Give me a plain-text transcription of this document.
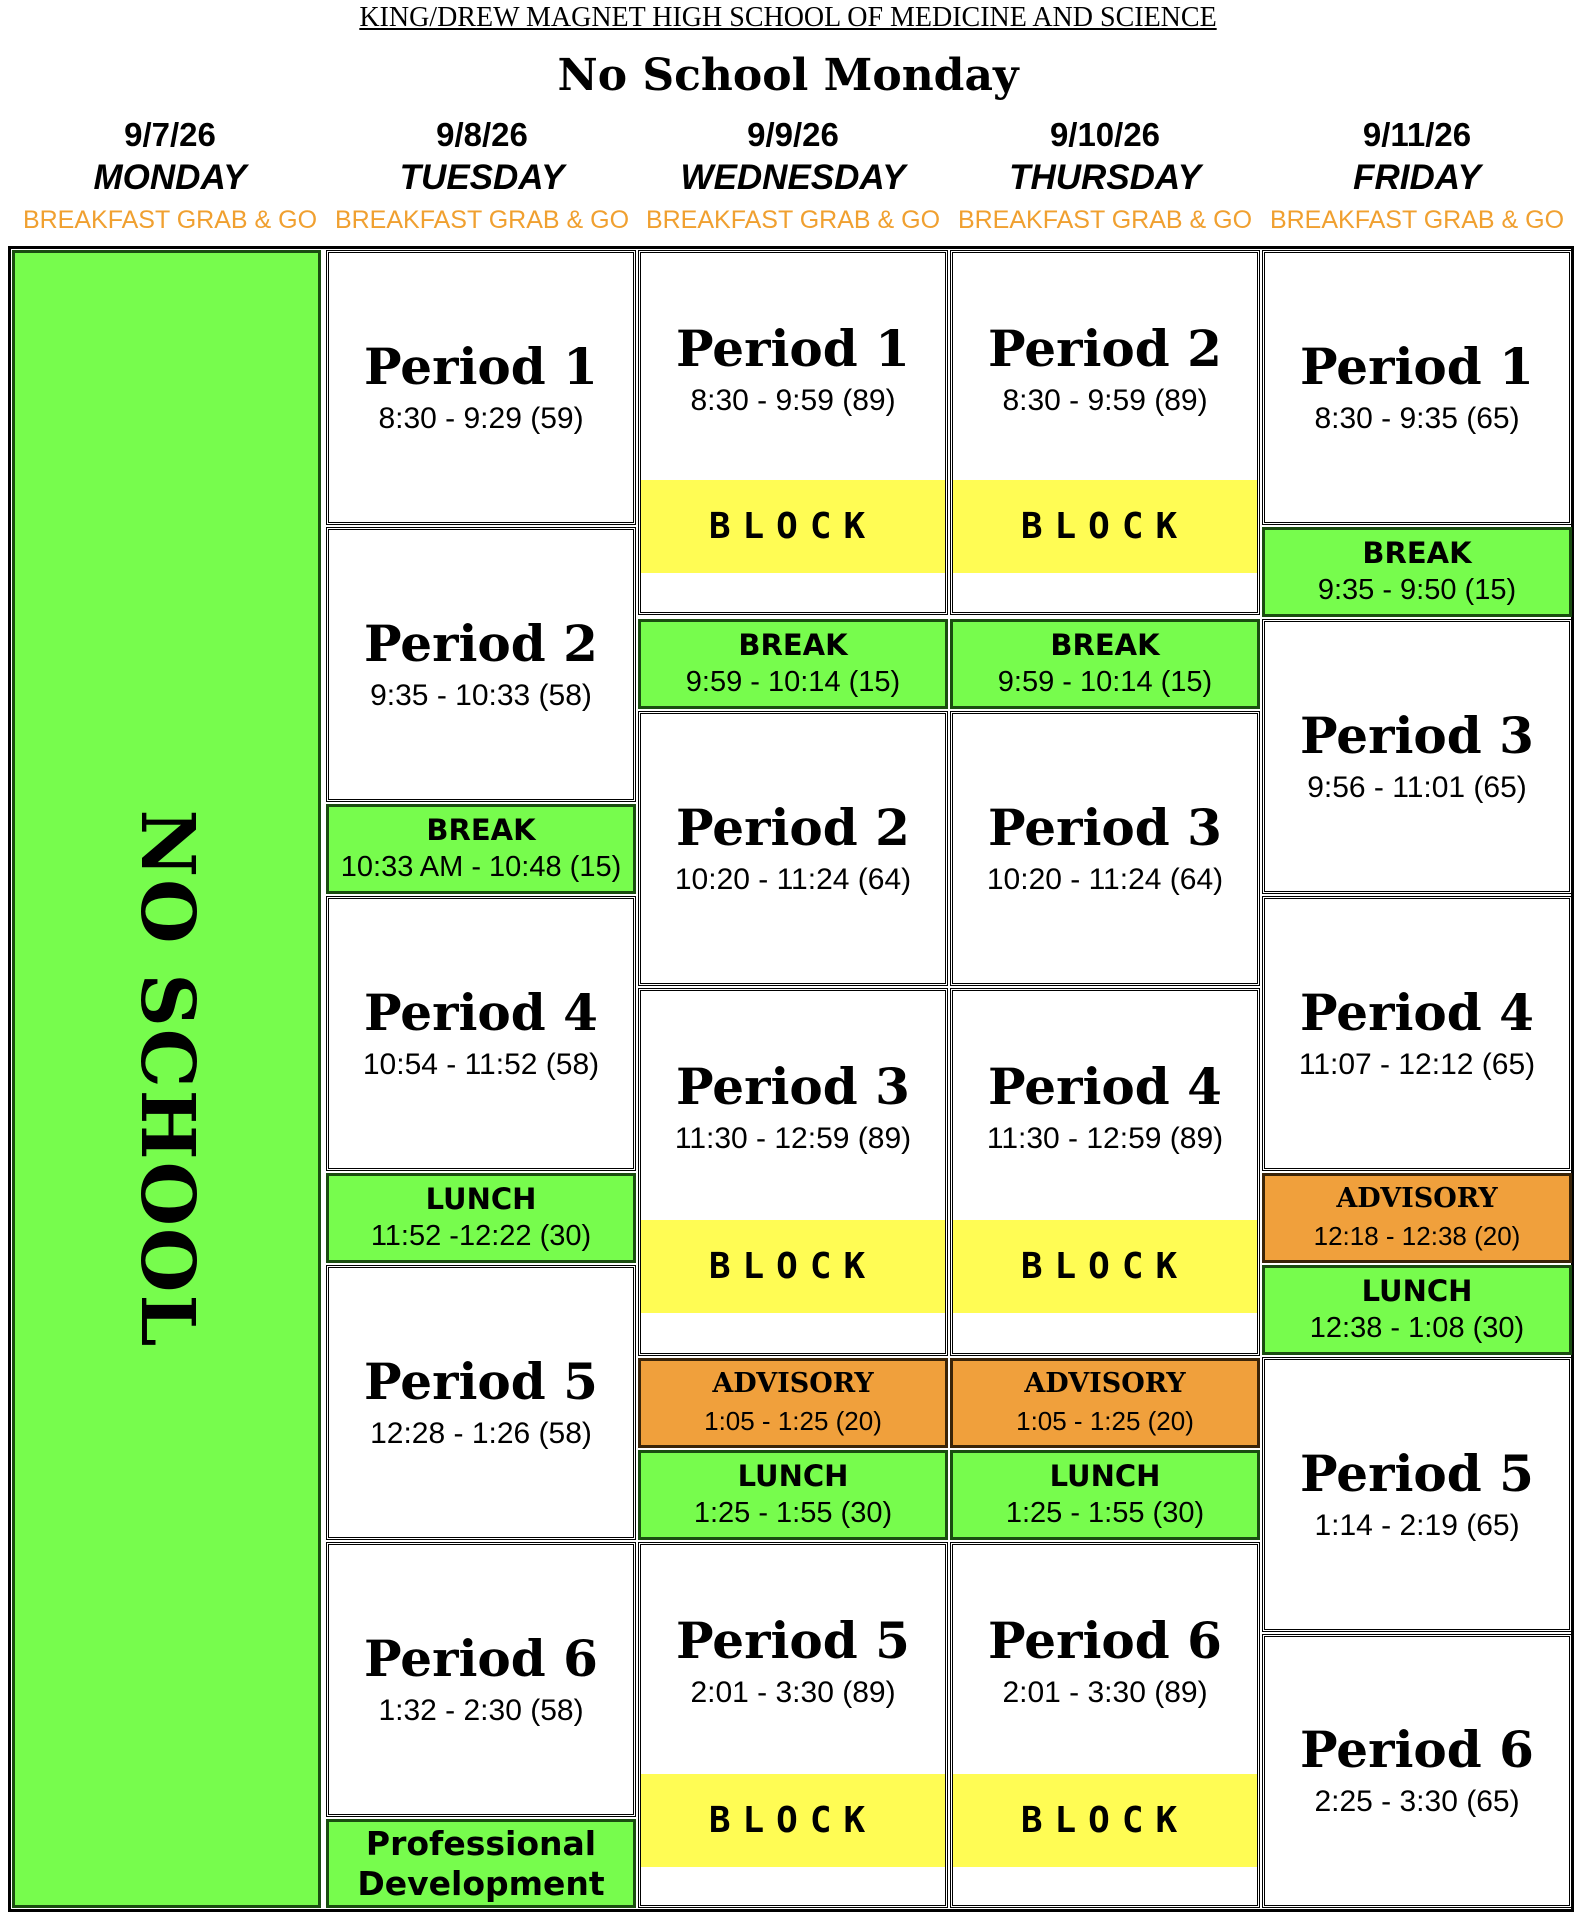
KING/DREW MAGNET HIGH SCHOOL OF MEDICINE AND SCIENCE
No School Monday
9/7/26
MONDAY
BREAKFAST GRAB & GO
9/8/26
TUESDAY
BREAKFAST GRAB & GO
9/9/26
WEDNESDAY
BREAKFAST GRAB & GO
9/10/26
THURSDAY
BREAKFAST GRAB & GO
9/11/26
FRIDAY
BREAKFAST GRAB & GO
NO SCHOOL
Period 1
8:30 - 9:29 (59)
Period 2
9:35 - 10:33 (58)
BREAK
10:33 AM - 10:48 (15)
Period 4
10:54 - 11:52 (58)
LUNCH
11:52 -12:22 (30)
Period 5
12:28 - 1:26 (58)
Period 6
1:32 - 2:30 (58)
Professional
Development
Period 1
8:30 - 9:59 (89)
BLOCK
BREAK
9:59 - 10:14 (15)
Period 2
10:20 - 11:24 (64)
Period 3
11:30 - 12:59 (89)
BLOCK
ADVISORY
1:05 - 1:25 (20)
LUNCH
1:25 - 1:55 (30)
Period 5
2:01 - 3:30 (89)
BLOCK
Period 2
8:30 - 9:59 (89)
BLOCK
BREAK
9:59 - 10:14 (15)
Period 3
10:20 - 11:24 (64)
Period 4
11:30 - 12:59 (89)
BLOCK
ADVISORY
1:05 - 1:25 (20)
LUNCH
1:25 - 1:55 (30)
Period 6
2:01 - 3:30 (89)
BLOCK
Period 1
8:30 - 9:35 (65)
BREAK
9:35 - 9:50 (15)
Period 3
9:56 - 11:01 (65)
Period 4
11:07 - 12:12 (65)
ADVISORY
12:18 - 12:38 (20)
LUNCH
12:38 - 1:08 (30)
Period 5
1:14 - 2:19 (65)
Period 6
2:25 - 3:30 (65)
